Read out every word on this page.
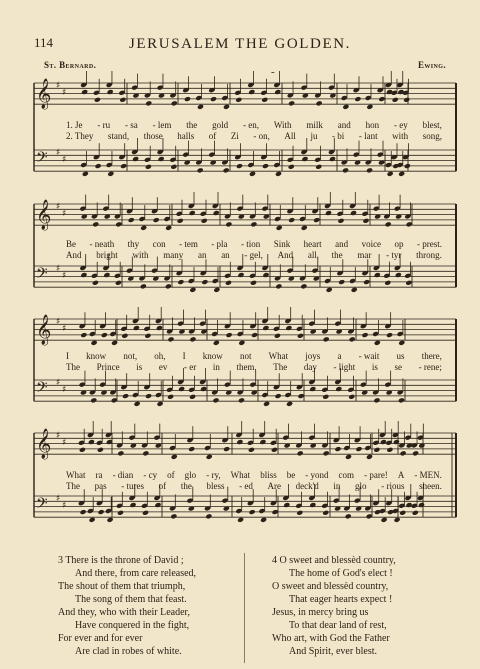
114	JERUSALEM THE GOLDEN.
St. Bernard.	Ewing.
𝄞 ♯
♯
𝄢 ♯
♯
𝄞 ♯
♯
𝄢 ♯
♯
𝄞 ♯
♯
𝄢 ♯
♯
𝄞 ♯
♯
𝄢 ♯
♯
1. Je - ru - sa - lem the gold - en, With milk and hon - ey blest,
2. They stand, those halls of Zi - on, All ju - bi - lant with song,
Be - neath thy con - tem - pla - tion Sink heart and voice op - prest.
And bright with many an an - gel, And all the mar - tyr throng.
I know not, oh, I know not What joys a - wait us there,
The Prince is ev - er in them, The day - light is se - rene;
What ra - dian - cy of glo - ry, What bliss be - yond com - pare! A - MEN.
The pas - tures of the bless - ed Are deck'd in glo - rious sheen.
3 There is the throne of David ;
And there, from care released,
The shout of them that triumph,
The song of them that feast.
And they, who with their Leader,
Have conquered in the fight,
For ever and for ever
Are clad in robes of white.
4 O sweet and blessèd country,
The home of God's elect !
O sweet and blessèd country,
That eager hearts expect !
Jesus, in mercy bring us
To that dear land of rest,
Who art, with God the Father
And Spirit, ever blest.
-
